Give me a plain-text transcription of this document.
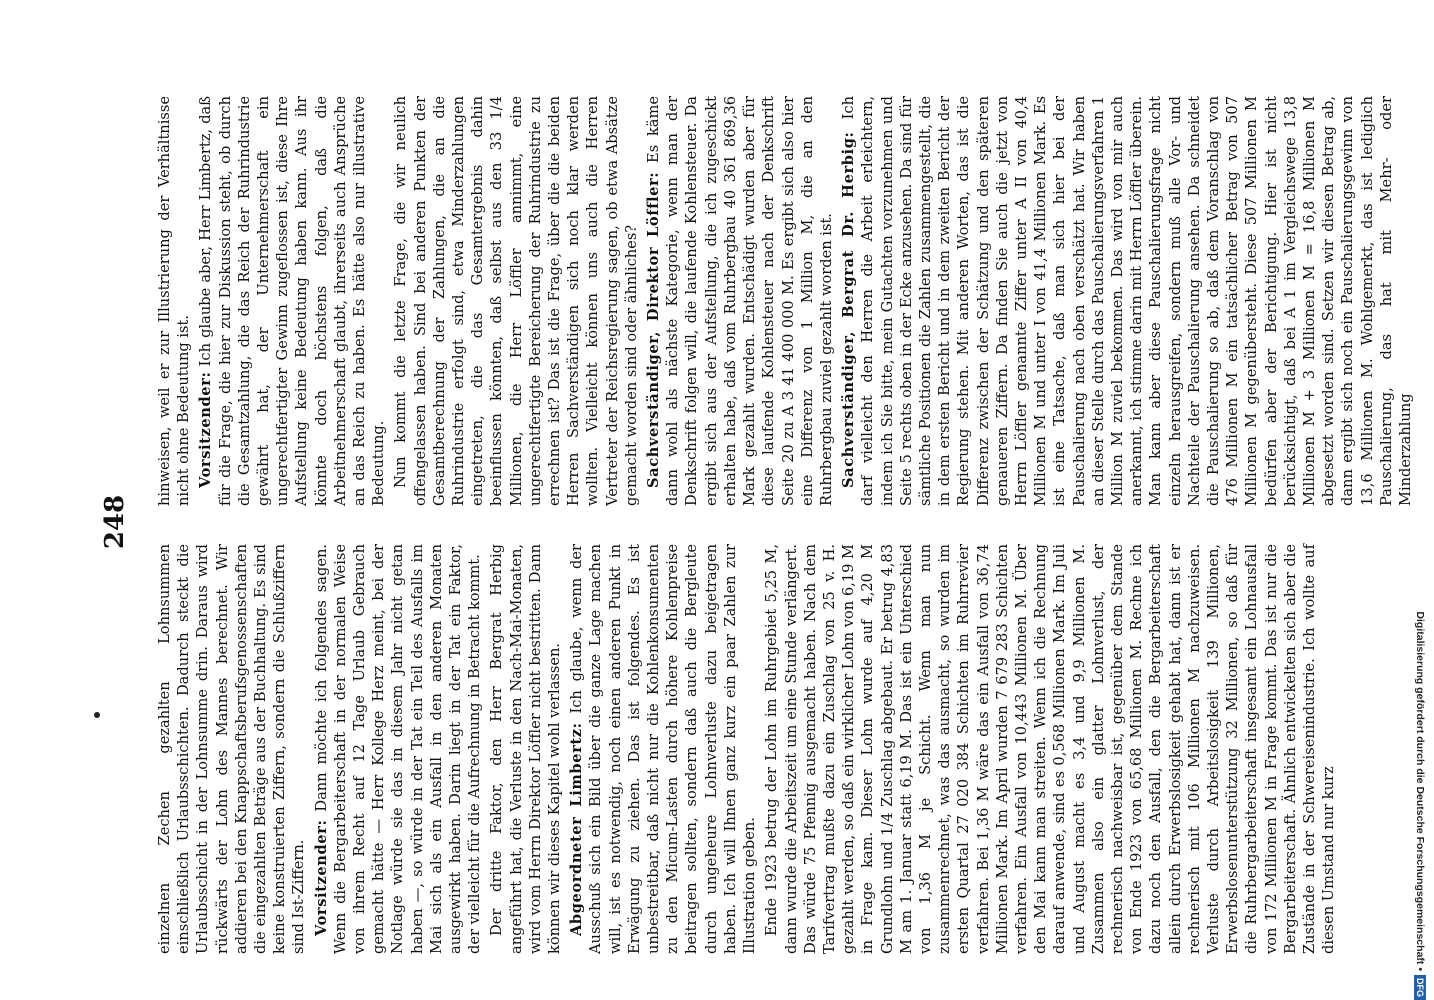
248

einzelnen Zechen gezahlten Lohnsummen einschließlich Urlaubsschichten. Dadurch steckt die Urlaubsschicht in der Lohnsumme drin. Daraus wird rückwärts der Lohn des Mannes berechnet. Wir addieren bei den Knappschaftsberufsgenossenschaften die eingezahlten Beträge aus der Buchhaltung. Es sind keine konstruierten Ziffern, sondern die Schlußziffern sind Ist-Ziffern. Vorsitzender: Dann möchte ich folgendes sagen. Wenn die Bergarbeiterschaft in der normalen Weise von ihrem Recht auf 12 Tage Urlaub Gebrauch gemacht hätte — Herr Kollege Herz meint, bei der Notlage würde sie das in diesem Jahr nicht getan haben —, so würde in der Tat ein Teil des Ausfalls im Mai sich als ein Ausfall in den anderen Monaten ausgewirkt haben. Darin liegt in der Tat ein Faktor, der vielleicht für die Aufrechnung in Betracht kommt. Der dritte Faktor, den Herr Bergrat Herbig angeführt hat, die Verluste in den Nach-Mai-Monaten, wird vom Herrn Direktor Löffler nicht bestritten. Dann können wir dieses Kapitel wohl verlassen. Abgeordneter Limbertz: Ich glaube, wenn der Ausschuß sich ein Bild über die ganze Lage machen will, ist es notwendig, noch einen anderen Punkt in Erwägung zu ziehen. Das ist folgendes. Es ist unbestreitbar, daß nicht nur die Kohlenkonsumenten zu den Micum-Lasten durch höhere Kohlenpreise beitragen sollten, sondern daß auch die Bergleute durch ungeheure Lohnverluste dazu beigetragen haben. Ich will Ihnen ganz kurz ein paar Zahlen zur Illustration geben. Ende 1923 betrug der Lohn im Ruhrgebiet 5,25 M, dann wurde die Arbeitszeit um eine Stunde verlängert. Das würde 75 Pfennig ausgemacht haben. Nach dem Tarifvertrag mußte dazu ein Zuschlag von 25 v. H. gezahlt werden, so daß ein wirklicher Lohn von 6,19 M in Frage kam. Dieser Lohn wurde auf 4,20 M Grundlohn und 1/4 Zuschlag abgebaut. Er betrug 4,83 M am 1. Januar statt 6,19 M. Das ist ein Unterschied von 1,36 M je Schicht. Wenn man nun zusammenrechnet, was das ausmacht, so wurden im ersten Quartal 27 020 384 Schichten im Ruhrrevier verfahren. Bei 1,36 M wäre das ein Ausfall von 36,74 Millionen Mark. Im April wurden 7 679 283 Schichten verfahren. Ein Ausfall von 10,443 Millionen M. Über den Mai kann man streiten. Wenn ich die Rechnung darauf anwende, sind es 0,568 Millionen Mark. Im Juli und August macht es 3,4 und 9,9 Millionen M. Zusammen also ein glatter Lohnverlust, der rechnerisch nachweisbar ist, gegenüber dem Stande von Ende 1923 von 65,68 Millionen M. Rechne ich dazu noch den Ausfall, den die Bergarbeiterschaft allein durch Erwerbslosigkeit gehabt hat, dann ist er rechnerisch mit 106 Millionen M nachzuweisen. Verluste durch Arbeitslosigkeit 139 Millionen, Erwerbslosenunterstützung 32 Millionen, so daß für die Ruhrbergarbeiterschaft insgesamt ein Lohnausfall von 172 Millionen M in Frage kommt. Das ist nur die Bergarbeiterschaft. Ähnlich entwickelten sich aber die Zustände in der Schwereisenindustrie. Ich wollte auf diesen Umstand nur kurz

hinweisen, weil er zur Illustrierung der Verhältnisse nicht ohne Bedeutung ist. Vorsitzender: Ich glaube aber, Herr Limbertz, daß für die Frage, die hier zur Diskussion steht, ob durch die Gesamtzahlung, die das Reich der Ruhrindustrie gewährt hat, der Unternehmerschaft ein ungerechtfertigter Gewinn zugeflossen ist, diese Ihre Aufstellung keine Bedeutung haben kann. Aus ihr könnte doch höchstens folgen, daß die Arbeitnehmerschaft glaubt, ihrerseits auch Ansprüche an das Reich zu haben. Es hätte also nur illustrative Bedeutung. Nun kommt die letzte Frage, die wir neulich offengelassen haben. Sind bei anderen Punkten der Gesamtberechnung der Zahlungen, die an die Ruhrindustrie erfolgt sind, etwa Minderzahlungen eingetreten, die das Gesamtergebnis dahin beeinflussen könnten, daß selbst aus den 33 1/4 Millionen, die Herr Löffler annimmt, eine ungerechtfertigte Bereicherung der Ruhrindustrie zu errechnen ist? Das ist die Frage, über die die beiden Herren Sachverständigen sich noch klar werden wollten. Vielleicht können uns auch die Herren Vertreter der Reichsregierung sagen, ob etwa Absätze gemacht worden sind oder ähnliches? Sachverständiger, Direktor Löffler: Es käme dann wohl als nächste Kategorie, wenn man der Denkschrift folgen will, die laufende Kohlensteuer. Da ergibt sich aus der Aufstellung, die ich zugeschickt erhalten habe, daß vom Ruhrbergbau 40 361 869,36 Mark gezahlt wurden. Entschädigt wurden aber für diese laufende Kohlensteuer nach der Denkschrift Seite 20 zu A 3 41 400 000 M. Es ergibt sich also hier eine Differenz von 1 Million M, die an den Ruhrbergbau zuviel gezahlt worden ist. Sachverständiger, Bergrat Dr. Herbig: Ich darf vielleicht den Herren die Arbeit erleichtern, indem ich Sie bitte, mein Gutachten vorzunehmen und Seite 5 rechts oben in der Ecke anzusehen. Da sind für sämtliche Positionen die Zahlen zusammengestellt, die in dem ersten Bericht und in dem zweiten Bericht der Regierung stehen. Mit anderen Worten, das ist die Differenz zwischen der Schätzung und den späteren genaueren Ziffern. Da finden Sie auch die jetzt von Herrn Löffler genannte Ziffer unter A II von 40,4 Millionen M und unter I von 41,4 Millionen Mark. Es ist eine Tatsache, daß man sich hier bei der Pauschalierung nach oben verschätzt hat. Wir haben an dieser Stelle durch das Pauschalierungsverfahren 1 Million M zuviel bekommen. Das wird von mir auch anerkannt, ich stimme darin mit Herrn Löffler überein. Man kann aber diese Pauschalierungsfrage nicht einzeln herausgreifen, sondern muß alle Vor- und Nachteile der Pauschalierung ansehen. Da schneidet die Pauschalierung so ab, daß dem Voranschlag von 476 Millionen M ein tatsächlicher Betrag von 507 Millionen M gegenübersteht. Diese 507 Millionen M bedürfen aber der Berichtigung. Hier ist nicht berücksichtigt, daß bei A 1 im Vergleichswege 13,8 Millionen M + 3 Millionen M = 16,8 Millionen M abgesetzt worden sind. Setzen wir diesen Betrag ab, dann ergibt sich noch ein Pauschalierungsgewinn von 13,6 Millionen M. Wohlgemerkt, das ist lediglich Pauschalierung, das hat mit Mehr- oder Minderzahlung

Digitalisierung gefördert durch die Deutsche Forschungsgemeinschaft •DFG
